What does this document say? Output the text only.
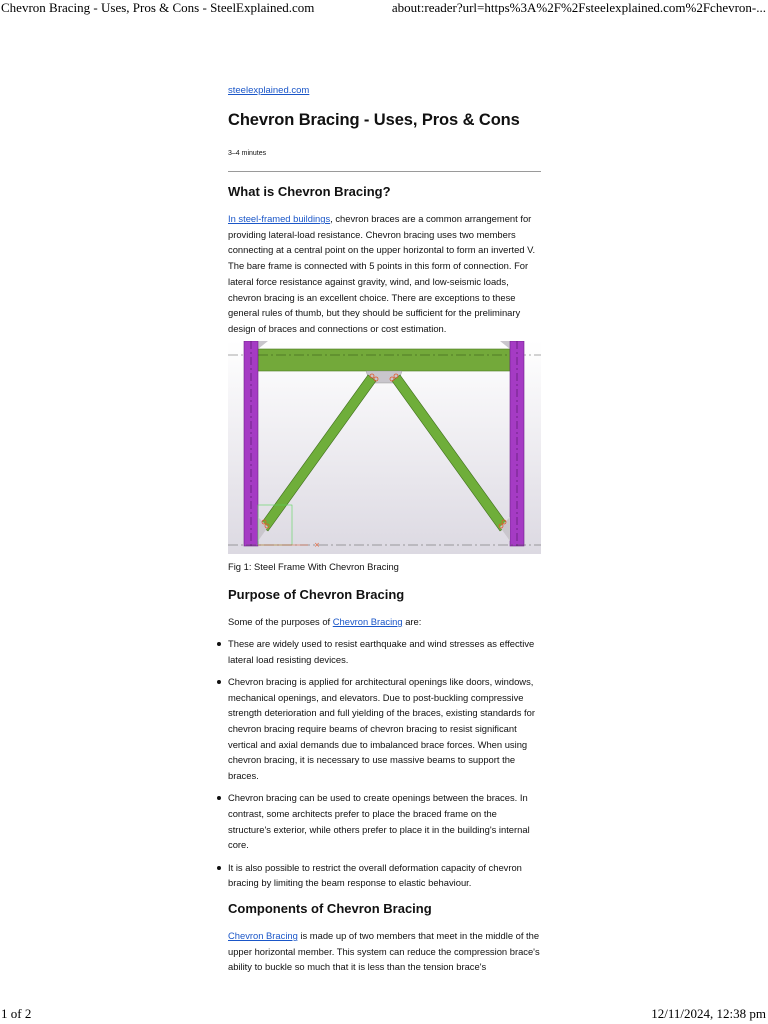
Chevron Bracing - Uses, Pros & Cons - SteelExplained.com	about:reader?url=https%3A%2F%2Fsteelexplained.com%2Fchevron-...
steelexplained.com
Chevron Bracing - Uses, Pros & Cons
3–4 minutes
What is Chevron Bracing?

In steel-framed buildings, chevron braces are a common arrangement for providing lateral-load resistance. Chevron bracing uses two members connecting at a central point on the upper horizontal to form an inverted V. The bare frame is connected with 5 points in this form of connection. For lateral force resistance against gravity, wind, and low-seismic loads, chevron bracing is an excellent choice. There are exceptions to these general rules of thumb, but they should be sufficient for the preliminary design of braces and connections or cost estimation.

×
Fig 1: Steel Frame With Chevron Bracing
Purpose of Chevron Bracing

Some of the purposes of Chevron Bracing are:

These are widely used to resist earthquake and wind stresses as effective lateral load resisting devices.
Chevron bracing is applied for architectural openings like doors, windows, mechanical openings, and elevators. Due to post-buckling compressive strength deterioration and full yielding of the braces, existing standards for chevron bracing require beams of chevron bracing to resist significant vertical and axial demands due to imbalanced brace forces. When using chevron bracing, it is necessary to use massive beams to support the braces.
Chevron bracing can be used to create openings between the braces. In contrast, some architects prefer to place the braced frame on the structure's exterior, while others prefer to place it in the building's internal core.
It is also possible to restrict the overall deformation capacity of chevron bracing by limiting the beam response to elastic behaviour.
Components of Chevron Bracing

Chevron Bracing is made up of two members that meet in the middle of the upper horizontal member. This system can reduce the compression brace's ability to buckle so much that it is less than the tension brace's

1 of 2	12/11/2024, 12:38 pm
